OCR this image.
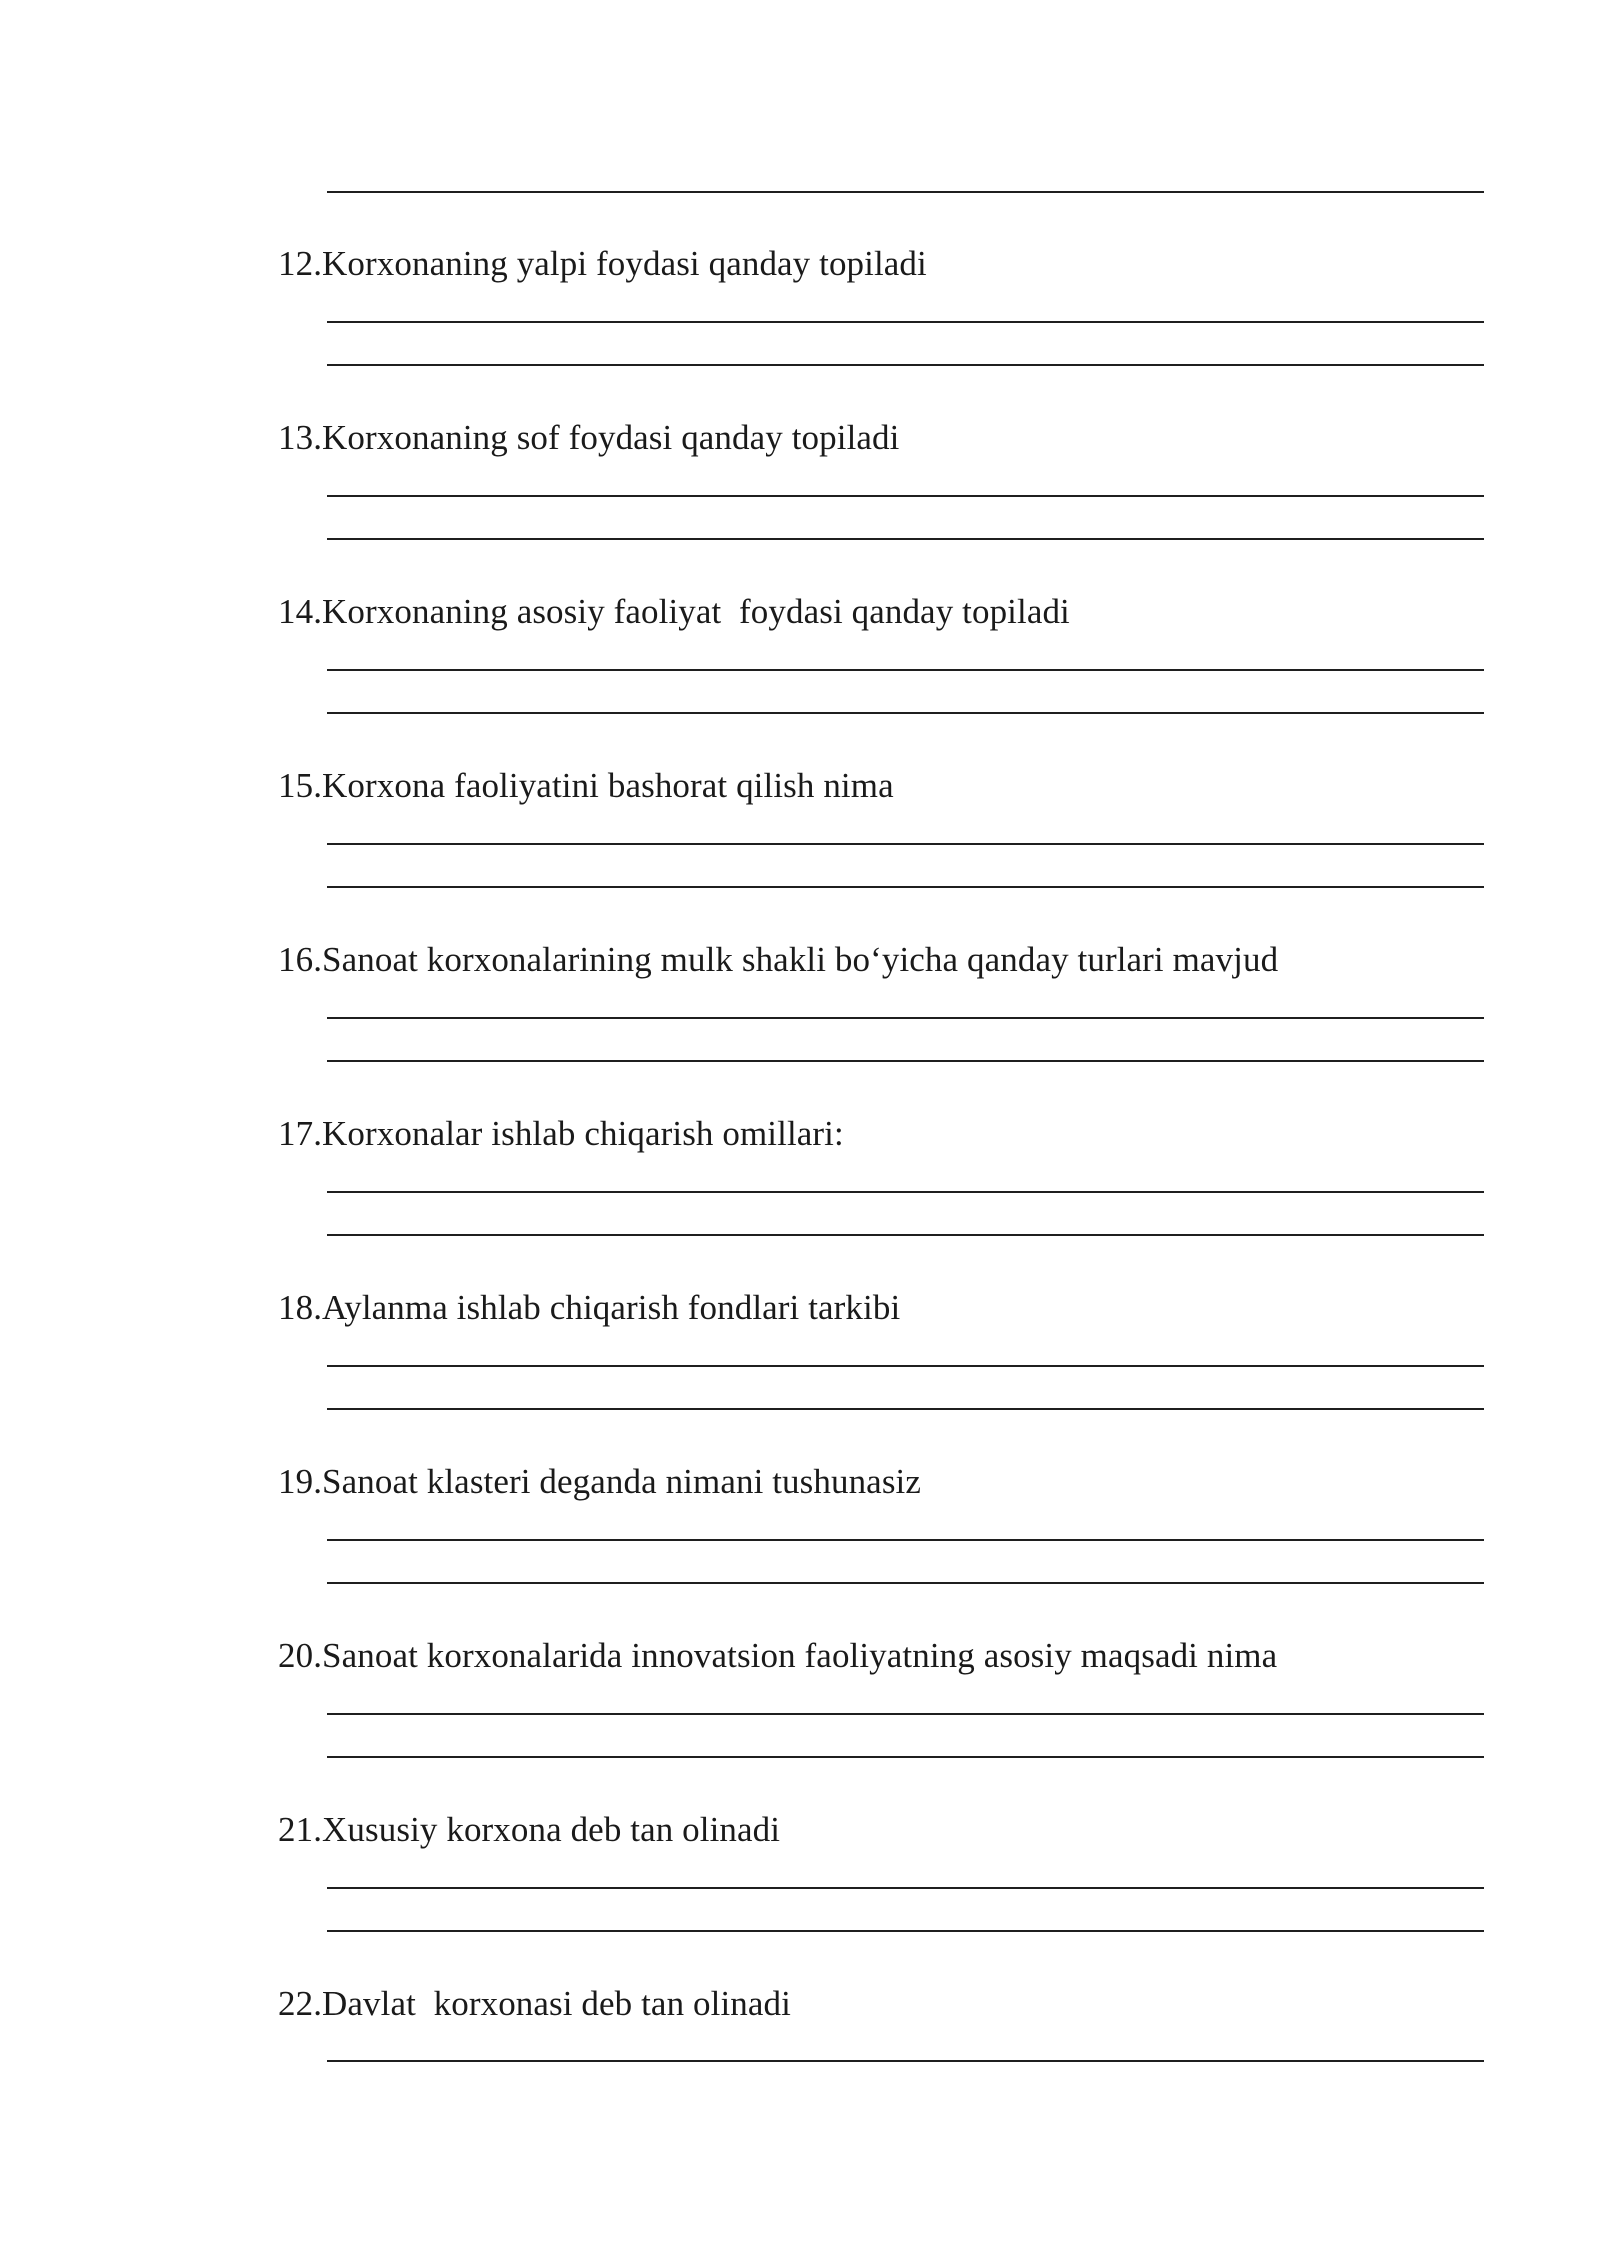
12.Korxonaning yalpi foydasi qanday topiladi
13.Korxonaning sof foydasi qanday topiladi
14.Korxonaning asosiy faoliyat  foydasi qanday topiladi
15.Korxona faoliyatini bashorat qilish nima
16.Sanoat korxonalarining mulk shakli bo‘yicha qanday turlari mavjud
17.Korxonalar ishlab chiqarish omillari:
18.Aylanma ishlab chiqarish fondlari tarkibi
19.Sanoat klasteri deganda nimani tushunasiz
20.Sanoat korxonalarida innovatsion faoliyatning asosiy maqsadi nima
21.Xususiy korxona deb tan olinadi
22.Davlat  korxonasi deb tan olinadi
